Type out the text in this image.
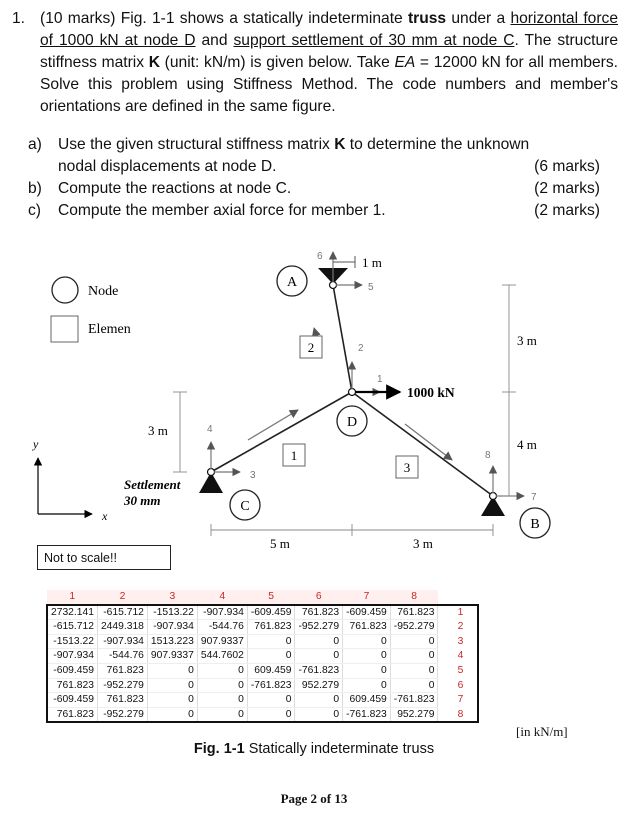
1. (10 marks) Fig. 1-1 shows a statically indeterminate truss under a horizontal force of 1000 kN at node D and support settlement of 30 mm at node C. The structure stiffness matrix K (unit: kN/m) is given below. Take EA = 12000 kN for all members. Solve this problem using Stiffness Method. The code numbers and member's orientations are defined in the same figure.
a) Use the given structural stiffness matrix K to determine the unknown
nodal displacements at node D.	(6 marks)
b) Compute the reactions at node C.	(2 marks)
c) Compute the member axial force for member 1.	(2 marks)
Node
Elemen
6
5
2
1
4
3
8
7
A
D
C
B
2
1
3
1000 kN
1 m
3 m
4 m
3 m
5 m	3 m
Settlement
30 mm
y
x
Not to scale!!
1	2	3	4	5	6	7	8	
2732.141	-615.712	-1513.22	-907.934	-609.459	761.823	-609.459	761.823	1
-615.712	2449.318	-907.934	-544.76	761.823	-952.279	761.823	-952.279	2
-1513.22	-907.934	1513.223	907.9337	0	0	0	0	3
-907.934	-544.76	907.9337	544.7602	0	0	0	0	4
-609.459	761.823	0	0	609.459	-761.823	0	0	5
761.823	-952.279	0	0	-761.823	952.279	0	0	6
-609.459	761.823	0	0	0	0	609.459	-761.823	7
761.823	-952.279	0	0	0	0	-761.823	952.279	8
[in kN/m]
Fig. 1-1 Statically indeterminate truss
Page 2 of 13
